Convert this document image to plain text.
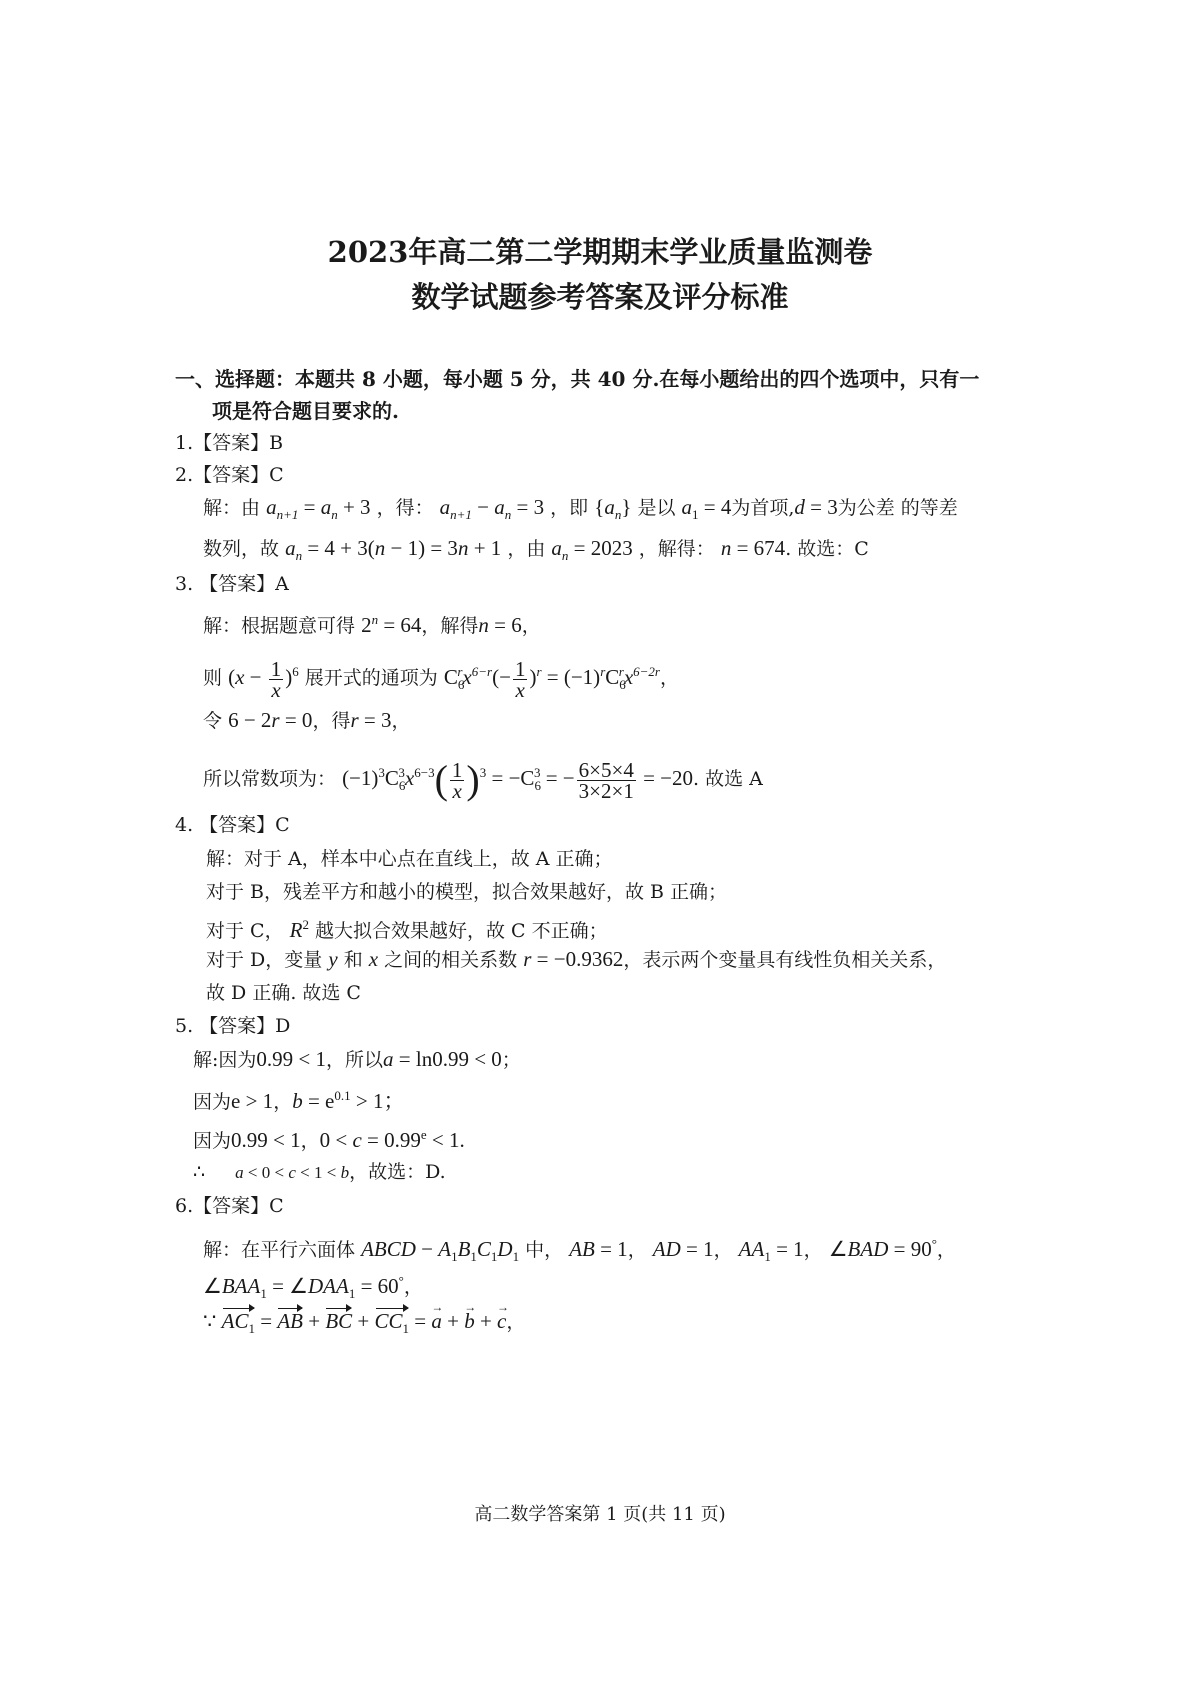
2023年高二第二学期期末学业质量监测卷
数学试题参考答案及评分标准
一、选择题：本题共 8 小题，每小题 5 分，共 40 分.在每小题给出的四个选项中，只有一
项是符合题目要求的.
1.【答案】B
2.【答案】C
解：由 $a_{n+1} = a_n + 3$ ，得： $a_{n+1} - a_n = 3$ ，即 $\{a_n\}$ 是以 $a_1 = 4$为首项,d = 3为公差 的等差
数列，故 $a_n = 4 + 3(n - 1) = 3n + 1$ ，由 $a_n = 2023$ ，解得： n = 674. 故选：C
3. 【答案】A
解：根据题意可得 $2^n = 64$，解得n = 6，
则 $(x - \frac{1}{x} )^6$ 展开式的通项为 $C_6^rx^{6-r}(- \frac{1}{x} )^r = (-1)^rC_6^rx^{6-2r}$，
令 6 − 2r = 0，得r = 3，
所以常数项为： $(-1)^3C_6^3x^{6-3}( \frac{1}{x} )^3 = -C_6^3$ = − $\frac{6\times 5\times 4}{3\times 2\times 1} = -20$. 故选 A
4. 【答案】C
解：对于 A，样本中心点在直线上，故 A 正确；
对于 B，残差平方和越小的模型，拟合效果越好，故 B 正确；
对于 C， $R^2$ 越大拟合效果越好，故 C 不正确；
对于 D，变量 y 和 x 之间的相关系数 r = −0.9362，表示两个变量具有线性负相关关系，
故 D 正确. 故选 C
5. 【答案】D
解:因为0.99 < 1，所以a = ln0.99 < 0；
因为e > 1，$b = e^{0.1} > 1$；
因为0.99 < 1，0 < c = 0.99$^e$ < 1.
∴ a < 0 < c < 1 < b，故选：D.
6.【答案】C
解：在平行六面体 ABCD − $A_1B_1C_1D_1$ 中， AB = 1， AD = 1， $AA_1 = 1$， ∠BAD = 90°，
$\angle BAA_1$ = $\angle DAA_1 = 60^\circ$，
∵ $AC_1$ = AB + BC + $CC_1 = a$ → + b → + c →，
高二数学答案第 1 页(共 11 页)
